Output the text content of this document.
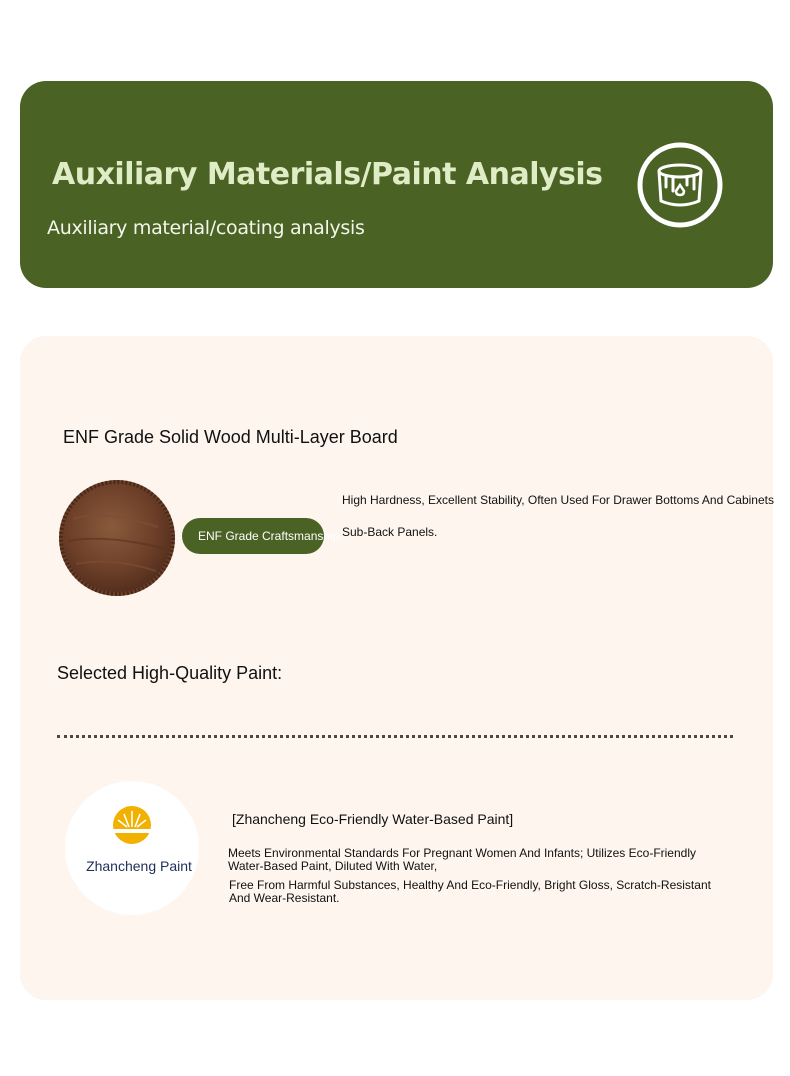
Auxiliary Materials/Paint Analysis
Auxiliary material/coating analysis
ENF Grade Solid Wood Multi-Layer Board
ENF Grade Craftsmanship
High Hardness, Excellent Stability, Often Used For Drawer Bottoms And Cabinets
Sub-Back Panels.
Selected High-Quality Paint:
Zhancheng Paint
[Zhancheng Eco-Friendly Water-Based Paint]
Meets Environmental Standards For Pregnant Women And Infants; Utilizes Eco-Friendly Water-Based Paint, Diluted With Water,
Free From Harmful Substances, Healthy And Eco-Friendly, Bright Gloss, Scratch-Resistant And Wear-Resistant.
